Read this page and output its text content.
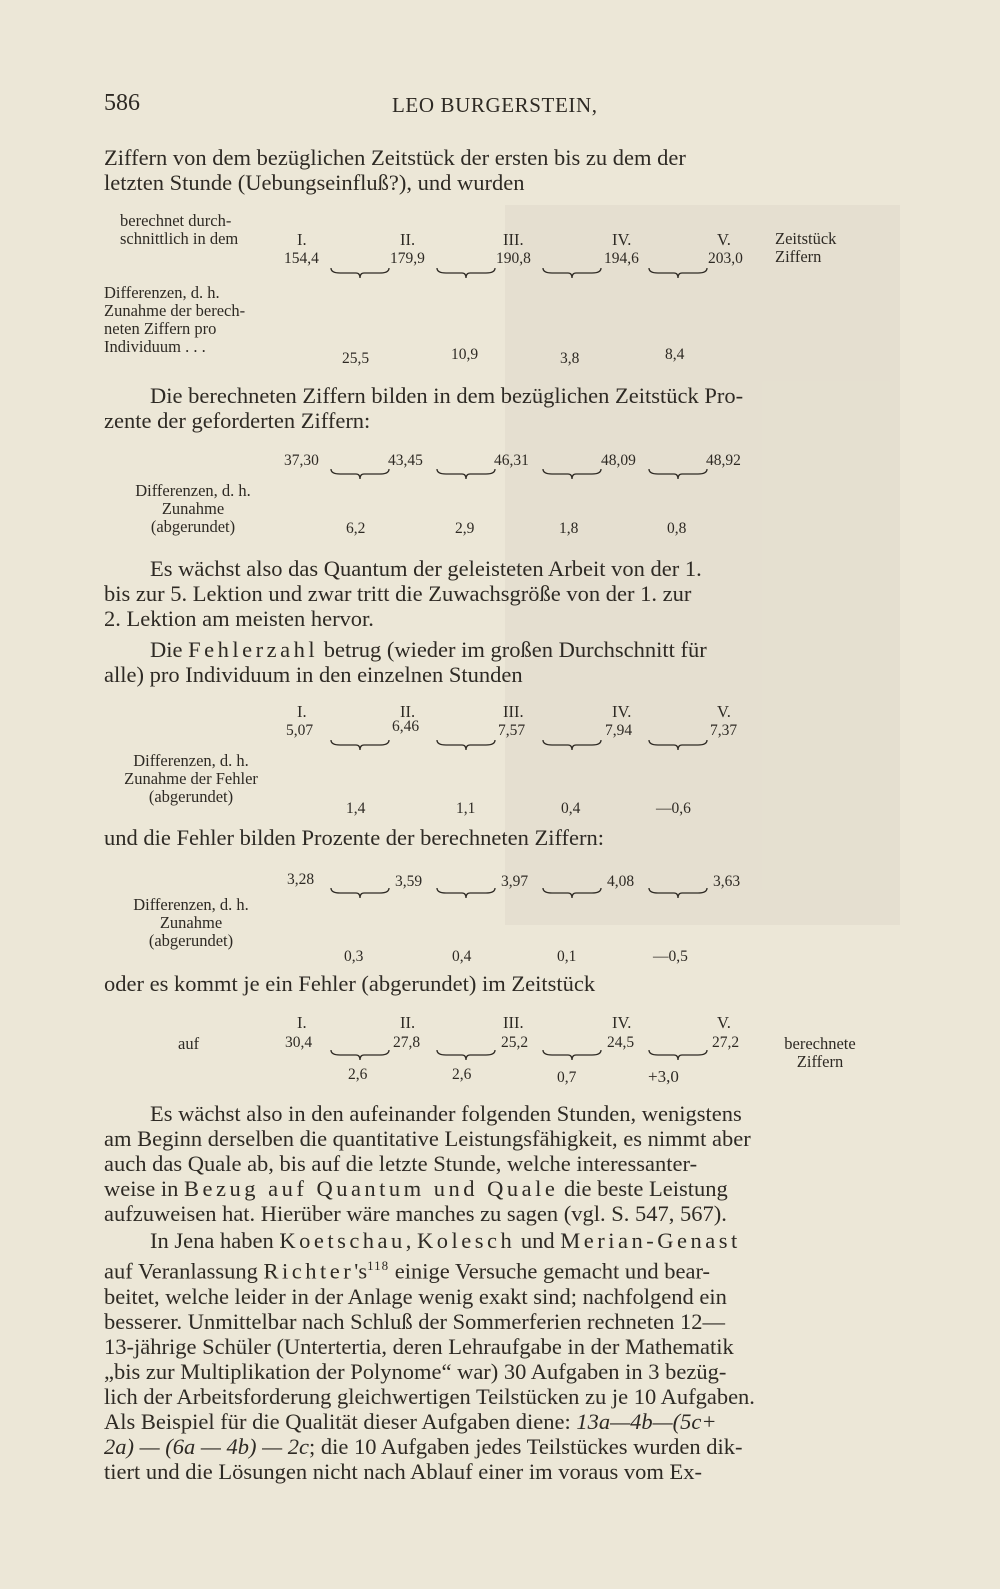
586	LEO BURGERSTEIN,
Ziffern von dem bezüglichen Zeitstück der ersten bis zu dem der
letzten Stunde (Uebungseinfluß?), und wurden
berechnet durch-
schnittlich in dem	I.	II.	III.	IV.	V.	Zeitstück
Ziffern
154,4	179,9	190,8	194,6	203,0
Differenzen, d. h.
Zunahme der berech-
neten Ziffern pro
Individuum . . .
25,5	10,9	3,8	8,4
Die berechneten Ziffern bilden in dem bezüglichen Zeitstück Pro-
zente der geforderten Ziffern:
37,30	43,45	46,31	48,09	48,92
Differenzen, d. h.
Zunahme
(abgerundet)	6,2	2,9	1,8	0,8
Es wächst also das Quantum der geleisteten Arbeit von der 1.
bis zur 5. Lektion und zwar tritt die Zuwachsgröße von der 1. zur
2. Lektion am meisten hervor.
Die Fehlerzahl betrug (wieder im großen Durchschnitt für
alle) pro Individuum in den einzelnen Stunden
I.	II.	III.	IV.	V.
5,07	6,46	7,57	7,94	7,37
Differenzen, d. h.
Zunahme der Fehler
(abgerundet)
1,4	1,1	0,4	—0,6
und die Fehler bilden Prozente der berechneten Ziffern:
3,28	3,59	3,97	4,08	3,63
Differenzen, d. h.
Zunahme
(abgerundet)
0,3	0,4	0,1	—0,5
oder es kommt je ein Fehler (abgerundet) im Zeitstück
I.	II.	III.	IV.	V.
auf	30,4	27,8	25,2	24,5	27,2	berechnete
Ziffern
2,6	2,6	0,7	+3,0
Es wächst also in den aufeinander folgenden Stunden, wenigstens
am Beginn derselben die quantitative Leistungsfähigkeit, es nimmt aber
auch das Quale ab, bis auf die letzte Stunde, welche interessanter-
weise in Bezug auf Quantum und Quale die beste Leistung
aufzuweisen hat. Hierüber wäre manches zu sagen (vgl. S. 547, 567).
In Jena haben Koetschau, Kolesch und Merian-Genast
auf Veranlassung $Richter's^{118}$ einige Versuche gemacht und bear-
beitet, welche leider in der Anlage wenig exakt sind; nachfolgend ein
besserer. Unmittelbar nach Schluß der Sommerferien rechneten 12—
13-jährige Schüler (Untertertia, deren Lehraufgabe in der Mathematik
„bis zur Multiplikation der Polynome“ war) 30 Aufgaben in 3 bezüg-
lich der Arbeitsforderung gleichwertigen Teilstücken zu je 10 Aufgaben.
Als Beispiel für die Qualität dieser Aufgaben diene: 13a—4b—(5c+
2a) — (6a — 4b) — 2c; die 10 Aufgaben jedes Teilstückes wurden dik-
tiert und die Lösungen nicht nach Ablauf einer im voraus vom Ex-
